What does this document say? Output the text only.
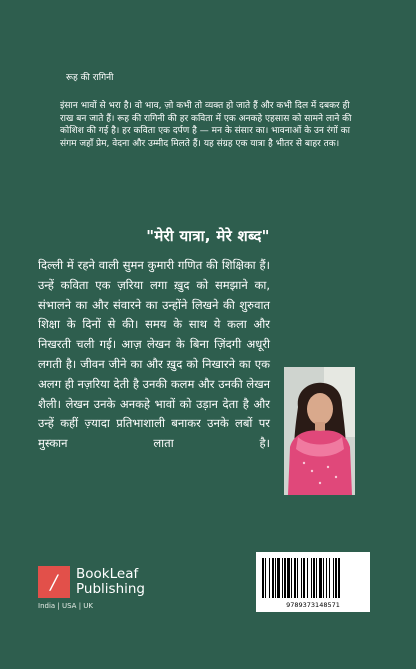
रूह की रागिनी

इंसान भावों से भरा है। वो भाव, ज़ो कभी तो व्यक्त हो जाते हैं और कभी दिल में दबकर ही राख बन जाते हैं। रूह की रागिनी की हर कविता में एक अनकहे एहसास को सामने लाने की कोशिश की गई है। हर कविता एक दर्पण है — मन के संसार का। भावनाओं के उन रंगों का संगम जहाँ प्रेम, वेदना और उम्मीद मिलते हैं। यह संग्रह एक यात्रा है भीतर से बाहर तक।

"मेरी यात्रा, मेरे शब्द"

दिल्ली में रहने वाली सुमन कुमारी गणित की शिक्षिका हैं। उन्हें कविता एक ज़रिया लगा ख़ुद को समझाने का, संभालने का और संवारने का उन्होंने लिखने की शुरुवात शिक्षा के दिनों से की। समय के साथ ये कला और निखरती चली गई। आज़ लेखन के बिना ज़िंदगी अधूरी लगती है। जीवन जीने का और ख़ुद को निखारने का एक अलग ही नज़रिया देती है उनकी कलम और उनकी लेखन शैली। लेखन उनके अनकहे भावों को उड़ान देता है और उन्हें कहीं ज़्यादा प्रतिभाशाली बनाकर उनके लबों पर मुस्कान लाता है।

/ BookLeaf
Publishing
India | USA | UK	9789373148571
